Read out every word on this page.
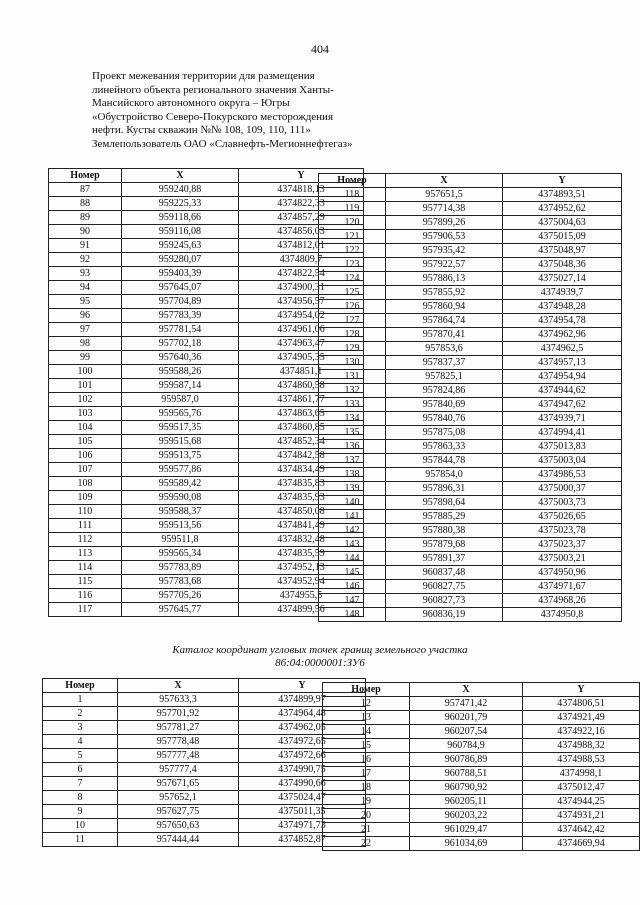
404
Проект межевания территории для размещения
линейного объекта регионального значения Ханты-
Мансийского автономного округа – Югры
«Обустройство Северо-Покурского месторождения
нефти. Кусты скважин №№ 108, 109, 110, 111»
Землепользователь ОАО «Славнефть-Мегионнефтегаз»
Номер	X	Y
87	959240,88	4374818,13
88	959225,33	4374822,33
89	959118,66	4374857,29
90	959116,08	4374856,03
91	959245,63	4374812,01
92	959280,07	4374809,7
93	959403,39	4374822,54
94	957645,07	4374900,31
95	957704,89	4374956,57
96	957783,39	4374954,02
97	957781,54	4374961,06
98	957702,18	4374963,47
99	957640,36	4374905,35
100	959588,26	4374851,1
101	959587,14	4374860,58
102	959587,0	4374861,77
103	959565,76	4374863,65
104	959517,35	4374860,85
105	959515,68	4374852,34
106	959513,75	4374842,58
107	959577,86	4374834,49
108	959589,42	4374835,83
109	959590,08	4374835,93
110	959588,37	4374850,08
111	959513,56	4374841,49
112	959511,8	4374832,48
113	959565,34	4374835,59
114	957783,89	4374952,13
115	957783,68	4374952,94
116	957705,26	4374955,5
117	957645,77	4374899,56
Номер	X	Y
118	957651,5	4374893,51
119	957714,38	4374952,62
120	957899,26	4375004,63
121	957906,53	4375015,09
122	957935,42	4375048,97
123	957922,57	4375048,36
124	957886,13	4375027,14
125	957855,92	4374939,7
126	957860,94	4374948,28
127	957864,74	4374954,78
128	957870,41	4374962,96
129	957853,6	4374962,5
130	957837,37	4374957,13
131	957825,1	4374954,94
132	957824,86	4374944,62
133	957840,69	4374947,62
134	957840,76	4374939,71
135	957875,08	4374994,41
136	957863,33	4375013,83
137	957844,78	4375003,04
138	957854,0	4374986,53
139	957896,31	4375000,37
140	957898,64	4375003,73
141	957885,29	4375026,65
142	957880,38	4375023,78
143	957879,68	4375023,37
144	957891,37	4375003,21
145	960837,48	4374950,96
146	960827,75	4374971,67
147	960827,73	4374968,26
148	960836,19	4374950,8
Каталог координат угловых точек границ земельного участка
86:04:0000001:ЗУ6
Номер	X	Y
1	957633,3	4374899,97
2	957701,92	4374964,48
3	957781,27	4374962,05
4	957778,48	4374972,65
5	957777,48	4374972,66
6	957777,4	4374990,75
7	957671,65	4374990,66
8	957652,1	4375024,47
9	957627,75	4375011,35
10	957650,63	4374971,73
11	957444,44	4374852,87
Номер	X	Y
12	957471,42	4374806,51
13	960201,79	4374921,49
14	960207,54	4374922,16
15	960784,9	4374988,32
16	960786,89	4374988,53
17	960788,51	4374998,1
18	960790,92	4375012,47
19	960205,11	4374944,25
20	960203,22	4374931,21
21	961029,47	4374642,42
22	961034,69	4374669,94
